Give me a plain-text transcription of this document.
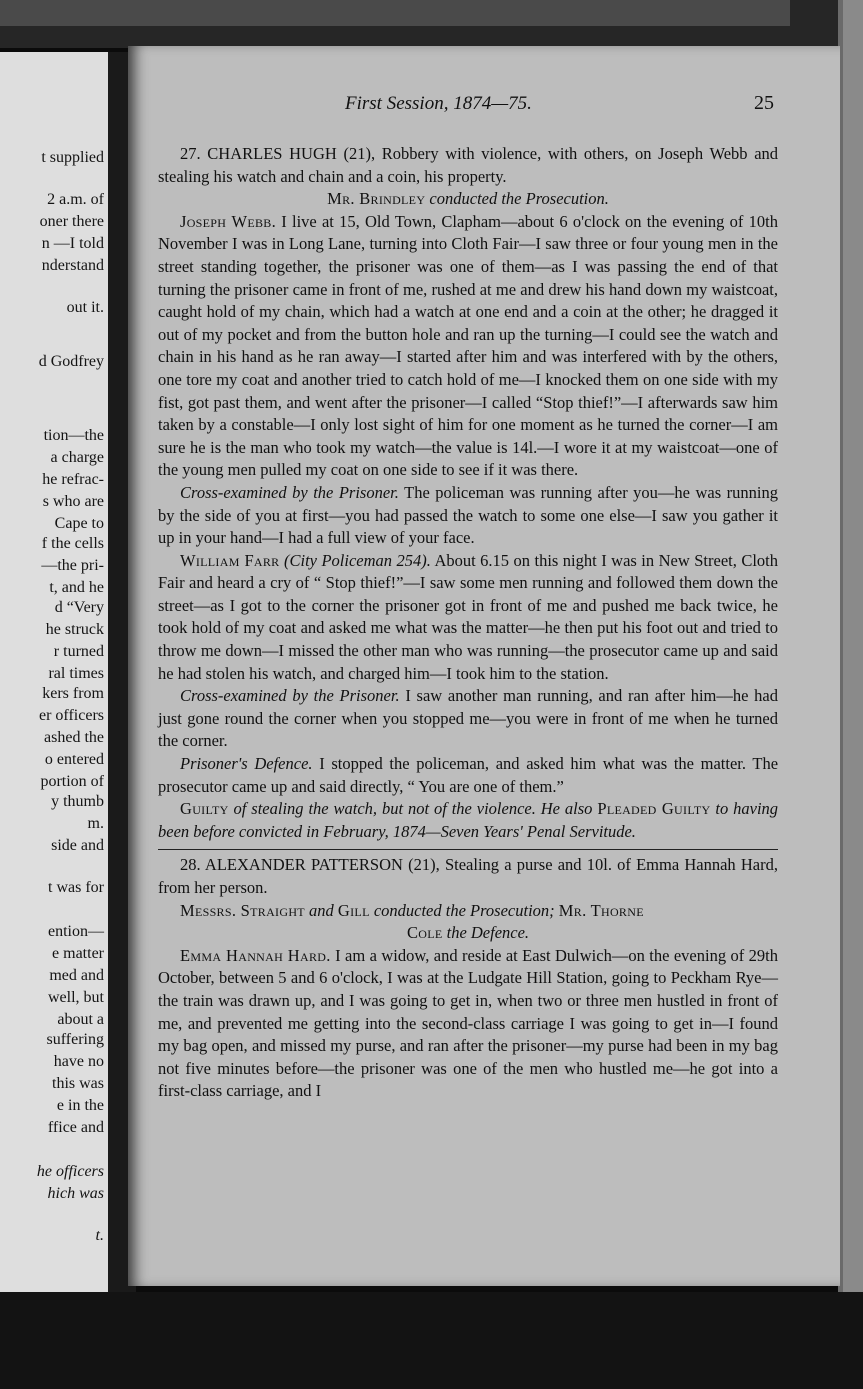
t supplied
2 a.m. of
oner there
n —I told
nderstand
out it.
d Godfrey
tion—the
a charge
he refrac-
s who are
Cape to
f the cells
—the pri-
t, and he
d “Very
he struck
r turned
ral times
kers from
er officers
ashed the
o entered
portion of
y thumb
m.
side and
t was for
ention—
e matter
med and
well, but
about a
suffering
have no
this was
e in the
ffice and
he officers
hich was
t.
First Session, 1874—75.	25

27. CHARLES HUGH (21), Robbery with violence, with others, on Joseph Webb and stealing his watch and chain and a coin, his property.

Mr. Brindley conducted the Prosecution.

Joseph Webb. I live at 15, Old Town, Clapham—about 6 o'clock on the evening of 10th November I was in Long Lane, turning into Cloth Fair—I saw three or four young men in the street standing together, the prisoner was one of them—as I was passing the end of that turning the prisoner came in front of me, rushed at me and drew his hand down my waistcoat, caught hold of my chain, which had a watch at one end and a coin at the other; he dragged it out of my pocket and from the button hole and ran up the turning—I could see the watch and chain in his hand as he ran away—I started after him and was interfered with by the others, one tore my coat and another tried to catch hold of me—I knocked them on one side with my fist, got past them, and went after the prisoner—I called “Stop thief!”—I afterwards saw him taken by a constable—I only lost sight of him for one moment as he turned the corner—I am sure he is the man who took my watch—the value is 14l.—I wore it at my waistcoat—one of the young men pulled my coat on one side to see if it was there.

Cross-examined by the Prisoner. The policeman was running after you—he was running by the side of you at first—you had passed the watch to some one else—I saw you gather it up in your hand—I had a full view of your face.

William Farr (City Policeman 254). About 6.15 on this night I was in New Street, Cloth Fair and heard a cry of “ Stop thief!”—I saw some men running and followed them down the street—as I got to the corner the prisoner got in front of me and pushed me back twice, he took hold of my coat and asked me what was the matter—he then put his foot out and tried to throw me down—I missed the other man who was running—the prosecutor came up and said he had stolen his watch, and charged him—I took him to the station.

Cross-examined by the Prisoner. I saw another man running, and ran after him—he had just gone round the corner when you stopped me—you were in front of me when he turned the corner.

Prisoner's Defence. I stopped the policeman, and asked him what was the matter. The prosecutor came up and said directly, “ You are one of them.”

Guilty of stealing the watch, but not of the violence. He also Pleaded Guilty to having been before convicted in February, 1874—Seven Years' Penal Servitude.

28. ALEXANDER PATTERSON (21), Stealing a purse and 10l. of Emma Hannah Hard, from her person.

Messrs. Straight and Gill conducted the Prosecution; Mr. Thorne

Cole the Defence.

Emma Hannah Hard. I am a widow, and reside at East Dulwich—on the evening of 29th October, between 5 and 6 o'clock, I was at the Ludgate Hill Station, going to Peckham Rye—the train was drawn up, and I was going to get in, when two or three men hustled in front of me, and prevented me getting into the second-class carriage I was going to get in—I found my bag open, and missed my purse, and ran after the prisoner—my purse had been in my bag not five minutes before—the prisoner was one of the men who hustled me—he got into a first-class carriage, and I
